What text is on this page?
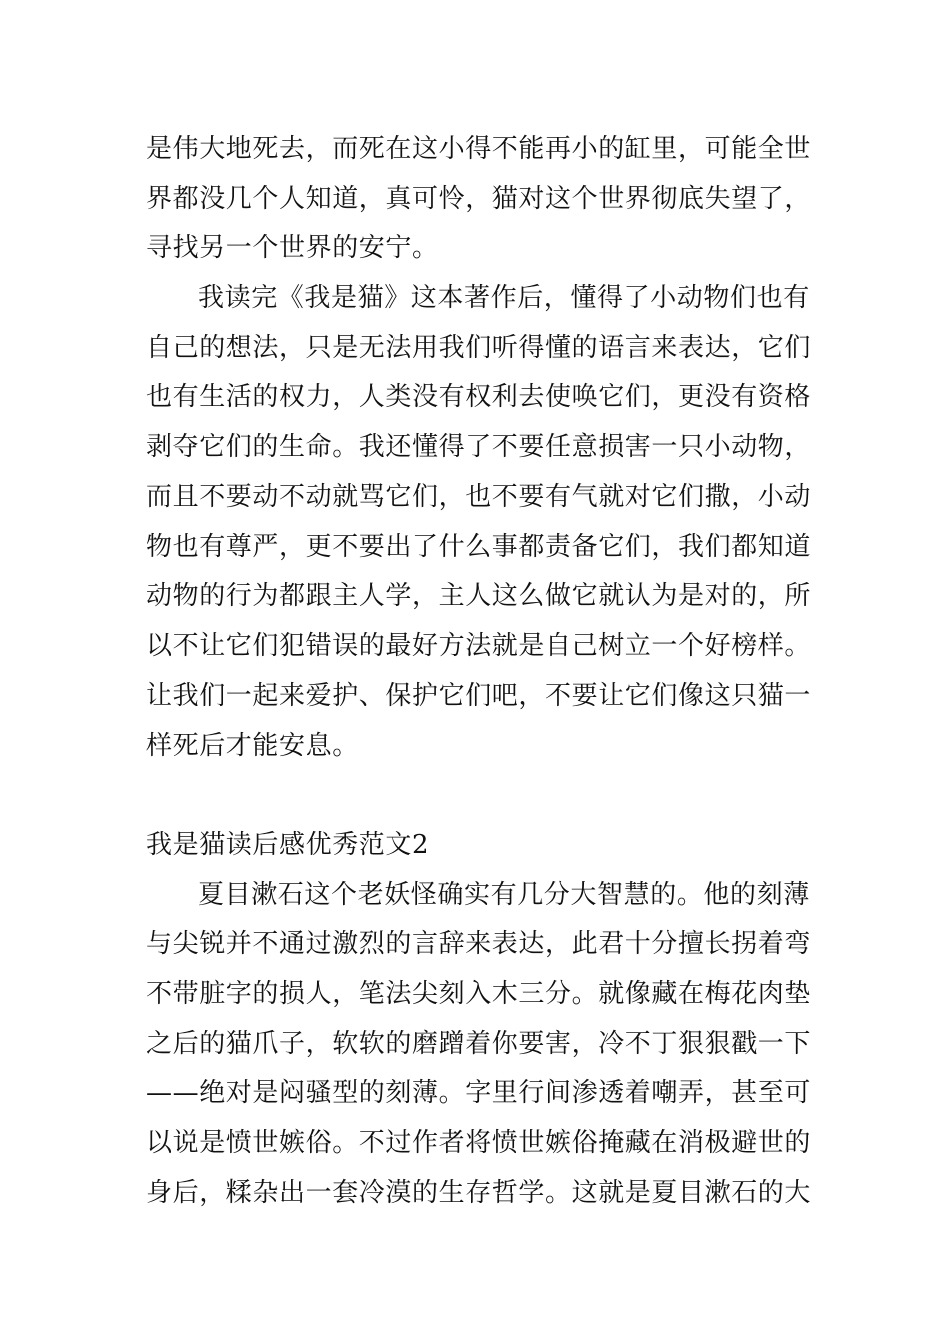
是伟大地死去，而死在这小得不能再小的缸里，可能全世
界都没几个人知道，真可怜，猫对这个世界彻底失望了，
寻找另一个世界的安宁。
我读完《我是猫》这本著作后，懂得了小动物们也有
自己的想法，只是无法用我们听得懂的语言来表达，它们
也有生活的权力，人类没有权利去使唤它们，更没有资格
剥夺它们的生命。我还懂得了不要任意损害一只小动物，
而且不要动不动就骂它们，也不要有气就对它们撒，小动
物也有尊严，更不要出了什么事都责备它们，我们都知道
动物的行为都跟主人学，主人这么做它就认为是对的，所
以不让它们犯错误的最好方法就是自己树立一个好榜样。
让我们一起来爱护、保护它们吧，不要让它们像这只猫一
样死后才能安息。
我是猫读后感优秀范文2
夏目漱石这个老妖怪确实有几分大智慧的。他的刻薄
与尖锐并不通过激烈的言辞来表达，此君十分擅长拐着弯
不带脏字的损人，笔法尖刻入木三分。就像藏在梅花肉垫
之后的猫爪子，软软的磨蹭着你要害，冷不丁狠狠戳一下
——绝对是闷骚型的刻薄。字里行间渗透着嘲弄，甚至可
以说是愤世嫉俗。不过作者将愤世嫉俗掩藏在消极避世的
身后，糅杂出一套冷漠的生存哲学。这就是夏目漱石的大
